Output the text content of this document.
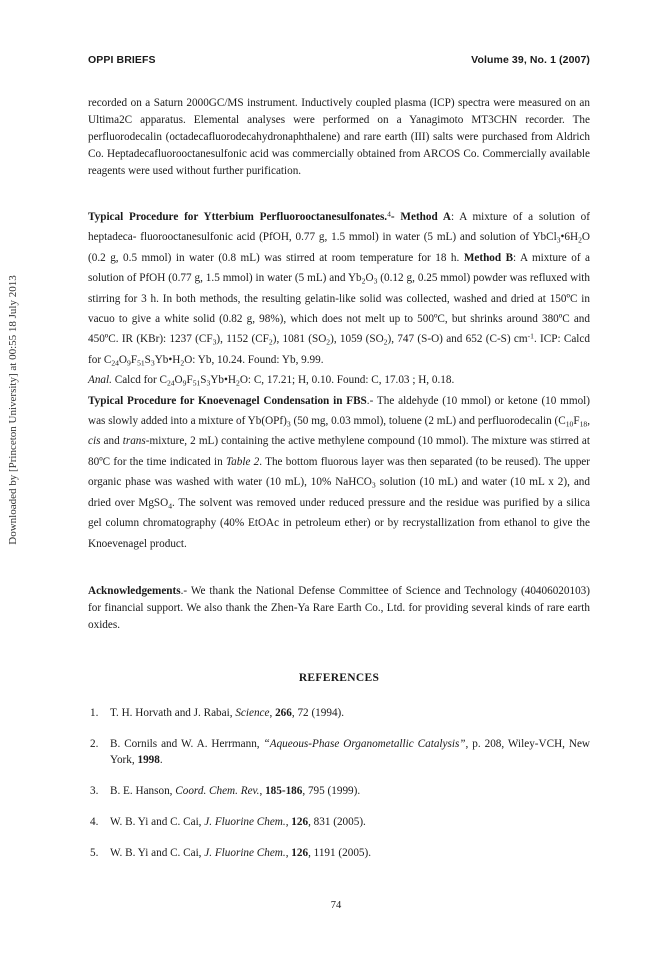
OPPI BRIEFS	Volume 39, No. 1 (2007)
Downloaded by [Princeton University] at 00:55 18 July 2013

recorded on a Saturn 2000GC/MS instrument. Inductively coupled plasma (ICP) spectra were measured on an Ultima2C apparatus. Elemental analyses were performed on a Yanagimoto MT3CHN recorder. The perfluorodecalin (octadecafluorodecahydronaphthalene) and rare earth (III) salts were purchased from Aldrich Co. Heptadecafluorooctanesulfonic acid was commercially obtained from ARCOS Co. Commercially available reagents were used without further purification.

Typical Procedure for Ytterbium Perfluorooctanesulfonates.$^4$- Method A: A mixture of a solution of heptadeca- fluorooctanesulfonic acid (PfOH, 0.77 g, 1.5 mmol) in water (5 mL) and solution of $YbCl_3•6H_2O$ (0.2 g, 0.5 mmol) in water (0.8 mL) was stirred at room temperature for 18 h. Method B: A mixture of a solution of PfOH (0.77 g, 1.5 mmol) in water (5 mL) and $Yb_2O_3$ (0.12 g, 0.25 mmol) powder was refluxed with stirring for 3 h. In both methods, the resulting gelatin-like solid was collected, washed and dried at 150ºC in vacuo to give a white solid (0.82 g, 98%), which does not melt up to 500ºC, but shrinks around 380ºC and 450ºC. IR (KBr): 1237 $(CF_3)$, 1152 $(CF_2)$, 1081 $(SO_2)$, 1059 $(SO_2)$, 747 (S-O) and 652 (C-S) $cm^{-1}$. ICP: Calcd for $C_{24}O_9F_{51}S_3Yb•H_2O$: Yb, 10.24. Found: Yb, 9.99.

Anal. Calcd for $C_{24}O_9F_{51}S_3Yb•H_2O$: C, 17.21; H, 0.10. Found: C, 17.03 ; H, 0.18.

Typical Procedure for Knoevenagel Condensation in FBS.- The aldehyde (10 mmol) or ketone (10 mmol) was slowly added into a mixture of $Yb(OPf)_3$ (50 mg, 0.03 mmol), toluene (2 mL) and perfluorodecalin ($C_{10}F_{18}$, cis and trans-mixture, 2 mL) containing the active methylene compound (10 mmol). The mixture was stirred at 80ºC for the time indicated in Table 2. The bottom fluorous layer was then separated (to be reused). The upper organic phase was washed with water (10 mL), 10% NaHCO$_3$ solution (10 mL) and water (10 mL x 2), and dried over MgSO$_4$. The solvent was removed under reduced pressure and the residue was purified by a silica gel column chromatography (40% EtOAc in petroleum ether) or by recrystallization from ethanol to give the Knoevenagel product.

Acknowledgements.- We thank the National Defense Committee of Science and Technology (40406020103) for financial support. We also thank the Zhen-Ya Rare Earth Co., Ltd. for providing several kinds of rare earth oxides.

REFERENCES
1. T. H. Horvath and J. Rabai, Science, 266, 72 (1994).
2. B. Cornils and W. A. Herrmann, “Aqueous-Phase Organometallic Catalysis”, p. 208, Wiley-VCH, New York, 1998.
3. B. E. Hanson, Coord. Chem. Rev., 185-186, 795 (1999).
4. W. B. Yi and C. Cai, J. Fluorine Chem., 126, 831 (2005).
5. W. B. Yi and C. Cai, J. Fluorine Chem., 126, 1191 (2005).
74
